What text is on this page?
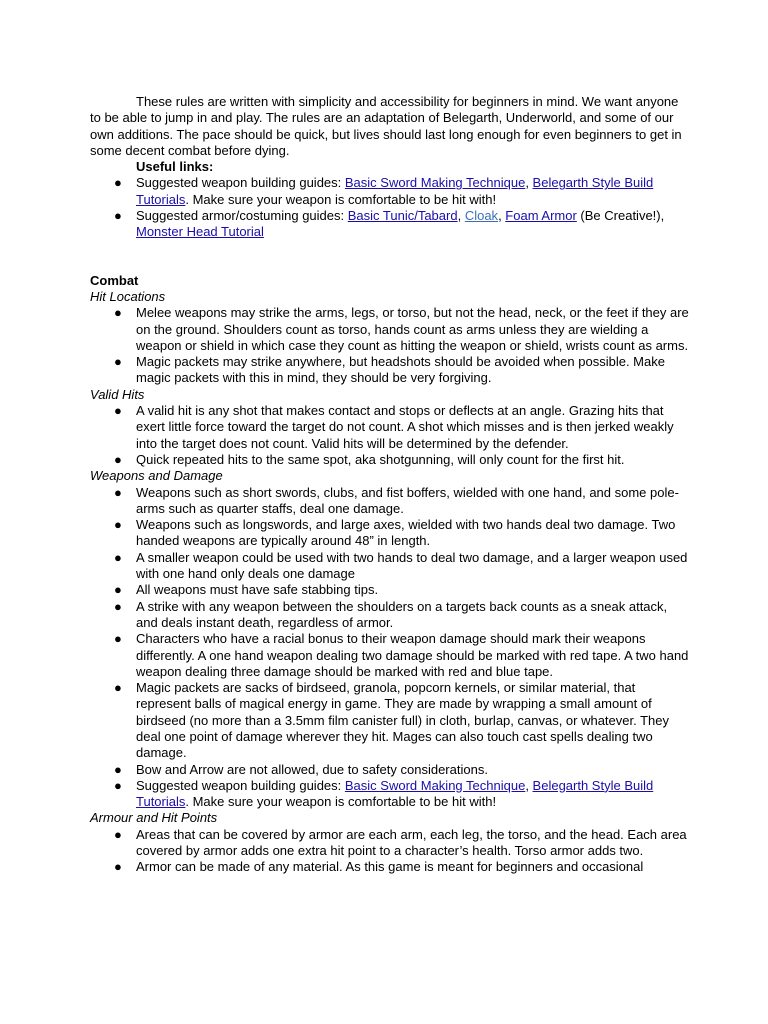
These rules are written with simplicity and accessibility for beginners in mind. We want anyone to be able to jump in and play. The rules are an adaptation of Belegarth, Underworld, and some of our own additions. The pace should be quick, but lives should last long enough for even beginners to get in some decent combat before dying.

Useful links:

● Suggested weapon building guides: Basic Sword Making Technique, Belegarth Style Build Tutorials. Make sure your weapon is comfortable to be hit with!
● Suggested armor/costuming guides: Basic Tunic/Tabard, Cloak, Foam Armor (Be Creative!), Monster Head Tutorial

Combat

Hit Locations

● Melee weapons may strike the arms, legs, or torso, but not the head, neck, or the feet if they are on the ground. Shoulders count as torso, hands count as arms unless they are wielding a weapon or shield in which case they count as hitting the weapon or shield, wrists count as arms.
● Magic packets may strike anywhere, but headshots should be avoided when possible. Make magic packets with this in mind, they should be very forgiving.

Valid Hits

● A valid hit is any shot that makes contact and stops or deflects at an angle. Grazing hits that exert little force toward the target do not count. A shot which misses and is then jerked weakly into the target does not count. Valid hits will be determined by the defender.
● Quick repeated hits to the same spot, aka shotgunning, will only count for the first hit.

Weapons and Damage

● Weapons such as short swords, clubs, and fist boffers, wielded with one hand, and some pole-arms such as quarter staffs, deal one damage.
● Weapons such as longswords, and large axes, wielded with two hands deal two damage. Two handed weapons are typically around 48” in length.
● A smaller weapon could be used with two hands to deal two damage, and a larger weapon used with one hand only deals one damage
● All weapons must have safe stabbing tips.
● A strike with any weapon between the shoulders on a targets back counts as a sneak attack, and deals instant death, regardless of armor.
● Characters who have a racial bonus to their weapon damage should mark their weapons differently. A one hand weapon dealing two damage should be marked with red tape. A two hand weapon dealing three damage should be marked with red and blue tape.
● Magic packets are sacks of birdseed, granola, popcorn kernels, or similar material, that represent balls of magical energy in game. They are made by wrapping a small amount of birdseed (no more than a 3.5mm film canister full) in cloth, burlap, canvas, or whatever. They deal one point of damage wherever they hit. Mages can also touch cast spells dealing two damage.
● Bow and Arrow are not allowed, due to safety considerations.
● Suggested weapon building guides: Basic Sword Making Technique, Belegarth Style Build Tutorials. Make sure your weapon is comfortable to be hit with!

Armour and Hit Points

● Areas that can be covered by armor are each arm, each leg, the torso, and the head. Each area covered by armor adds one extra hit point to a character’s health. Torso armor adds two.
● Armor can be made of any material. As this game is meant for beginners and occasional
